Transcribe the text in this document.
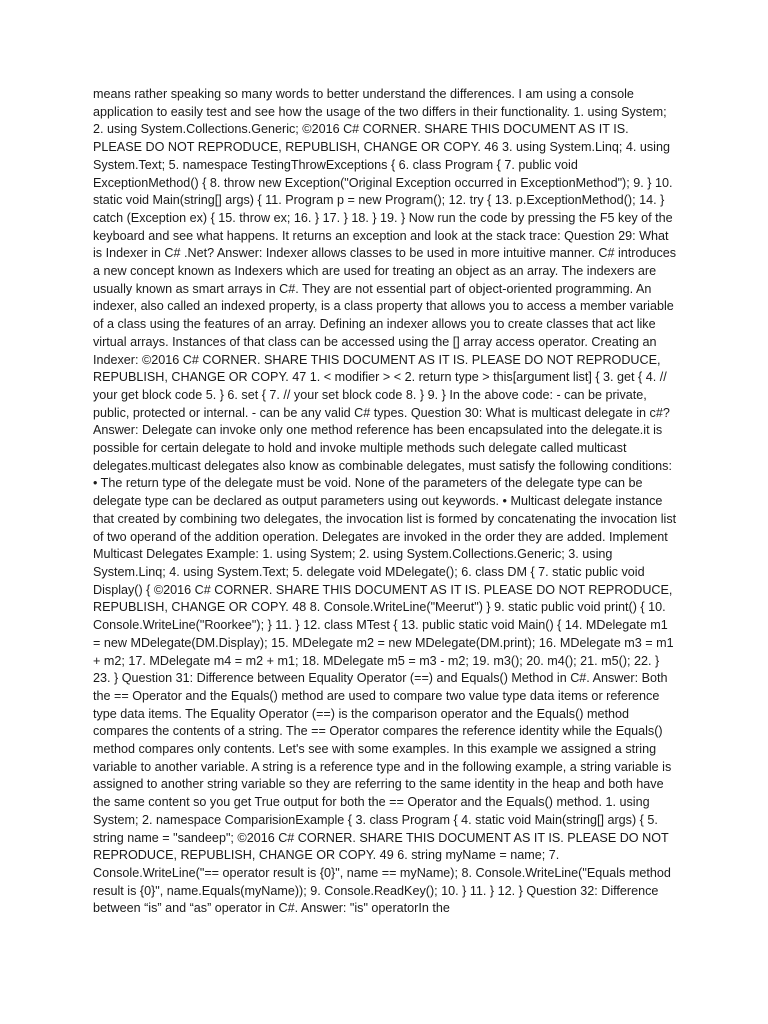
means rather speaking so many words to better understand the differences. I am using a console application to easily test and see how the usage of the two differs in their functionality. 1. using System; 2. using System.Collections.Generic; ©2016 C# CORNER. SHARE THIS DOCUMENT AS IT IS. PLEASE DO NOT REPRODUCE, REPUBLISH, CHANGE OR COPY. 46 3. using System.Linq; 4. using System.Text; 5. namespace TestingThrowExceptions { 6. class Program { 7. public void ExceptionMethod() { 8. throw new Exception("Original Exception occurred in ExceptionMethod"); 9. } 10. static void Main(string[] args) { 11. Program p = new Program(); 12. try { 13. p.ExceptionMethod(); 14. } catch (Exception ex) { 15. throw ex; 16. } 17. } 18. } 19. } Now run the code by pressing the F5 key of the keyboard and see what happens. It returns an exception and look at the stack trace: Question 29: What is Indexer in C# .Net? Answer: Indexer allows classes to be used in more intuitive manner. C# introduces a new concept known as Indexers which are used for treating an object as an array. The indexers are usually known as smart arrays in C#. They are not essential part of object-oriented programming. An indexer, also called an indexed property, is a class property that allows you to access a member variable of a class using the features of an array. Defining an indexer allows you to create classes that act like virtual arrays. Instances of that class can be accessed using the [] array access operator. Creating an Indexer: ©2016 C# CORNER. SHARE THIS DOCUMENT AS IT IS. PLEASE DO NOT REPRODUCE, REPUBLISH, CHANGE OR COPY. 47 1. < modifier > < 2. return type > this[argument list] { 3. get { 4. // your get block code 5. } 6. set { 7. // your set block code 8. } 9. } In the above code: - can be private, public, protected or internal. - can be any valid C# types. Question 30: What is multicast delegate in c#? Answer: Delegate can invoke only one method reference has been encapsulated into the delegate.it is possible for certain delegate to hold and invoke multiple methods such delegate called multicast delegates.multicast delegates also know as combinable delegates, must satisfy the following conditions: • The return type of the delegate must be void. None of the parameters of the delegate type can be delegate type can be declared as output parameters using out keywords. • Multicast delegate instance that created by combining two delegates, the invocation list is formed by concatenating the invocation list of two operand of the addition operation. Delegates are invoked in the order they are added. Implement Multicast Delegates Example: 1. using System; 2. using System.Collections.Generic; 3. using System.Linq; 4. using System.Text; 5. delegate void MDelegate(); 6. class DM { 7. static public void Display() { ©2016 C# CORNER. SHARE THIS DOCUMENT AS IT IS. PLEASE DO NOT REPRODUCE, REPUBLISH, CHANGE OR COPY. 48 8. Console.WriteLine("Meerut") } 9. static public void print() { 10. Console.WriteLine("Roorkee"); } 11. } 12. class MTest { 13. public static void Main() { 14. MDelegate m1 = new MDelegate(DM.Display); 15. MDelegate m2 = new MDelegate(DM.print); 16. MDelegate m3 = m1 + m2; 17. MDelegate m4 = m2 + m1; 18. MDelegate m5 = m3 - m2; 19. m3(); 20. m4(); 21. m5(); 22. } 23. } Question 31: Difference between Equality Operator (==) and Equals() Method in C#. Answer: Both the == Operator and the Equals() method are used to compare two value type data items or reference type data items. The Equality Operator (==) is the comparison operator and the Equals() method compares the contents of a string. The == Operator compares the reference identity while the Equals() method compares only contents. Let's see with some examples. In this example we assigned a string variable to another variable. A string is a reference type and in the following example, a string variable is assigned to another string variable so they are referring to the same identity in the heap and both have the same content so you get True output for both the == Operator and the Equals() method. 1. using System; 2. namespace ComparisionExample { 3. class Program { 4. static void Main(string[] args) { 5. string name = "sandeep"; ©2016 C# CORNER. SHARE THIS DOCUMENT AS IT IS. PLEASE DO NOT REPRODUCE, REPUBLISH, CHANGE OR COPY. 49 6. string myName = name; 7. Console.WriteLine("== operator result is {0}", name == myName); 8. Console.WriteLine("Equals method result is {0}", name.Equals(myName)); 9. Console.ReadKey(); 10. } 11. } 12. } Question 32: Difference between “is” and “as” operator in C#. Answer: "is" operatorIn the
